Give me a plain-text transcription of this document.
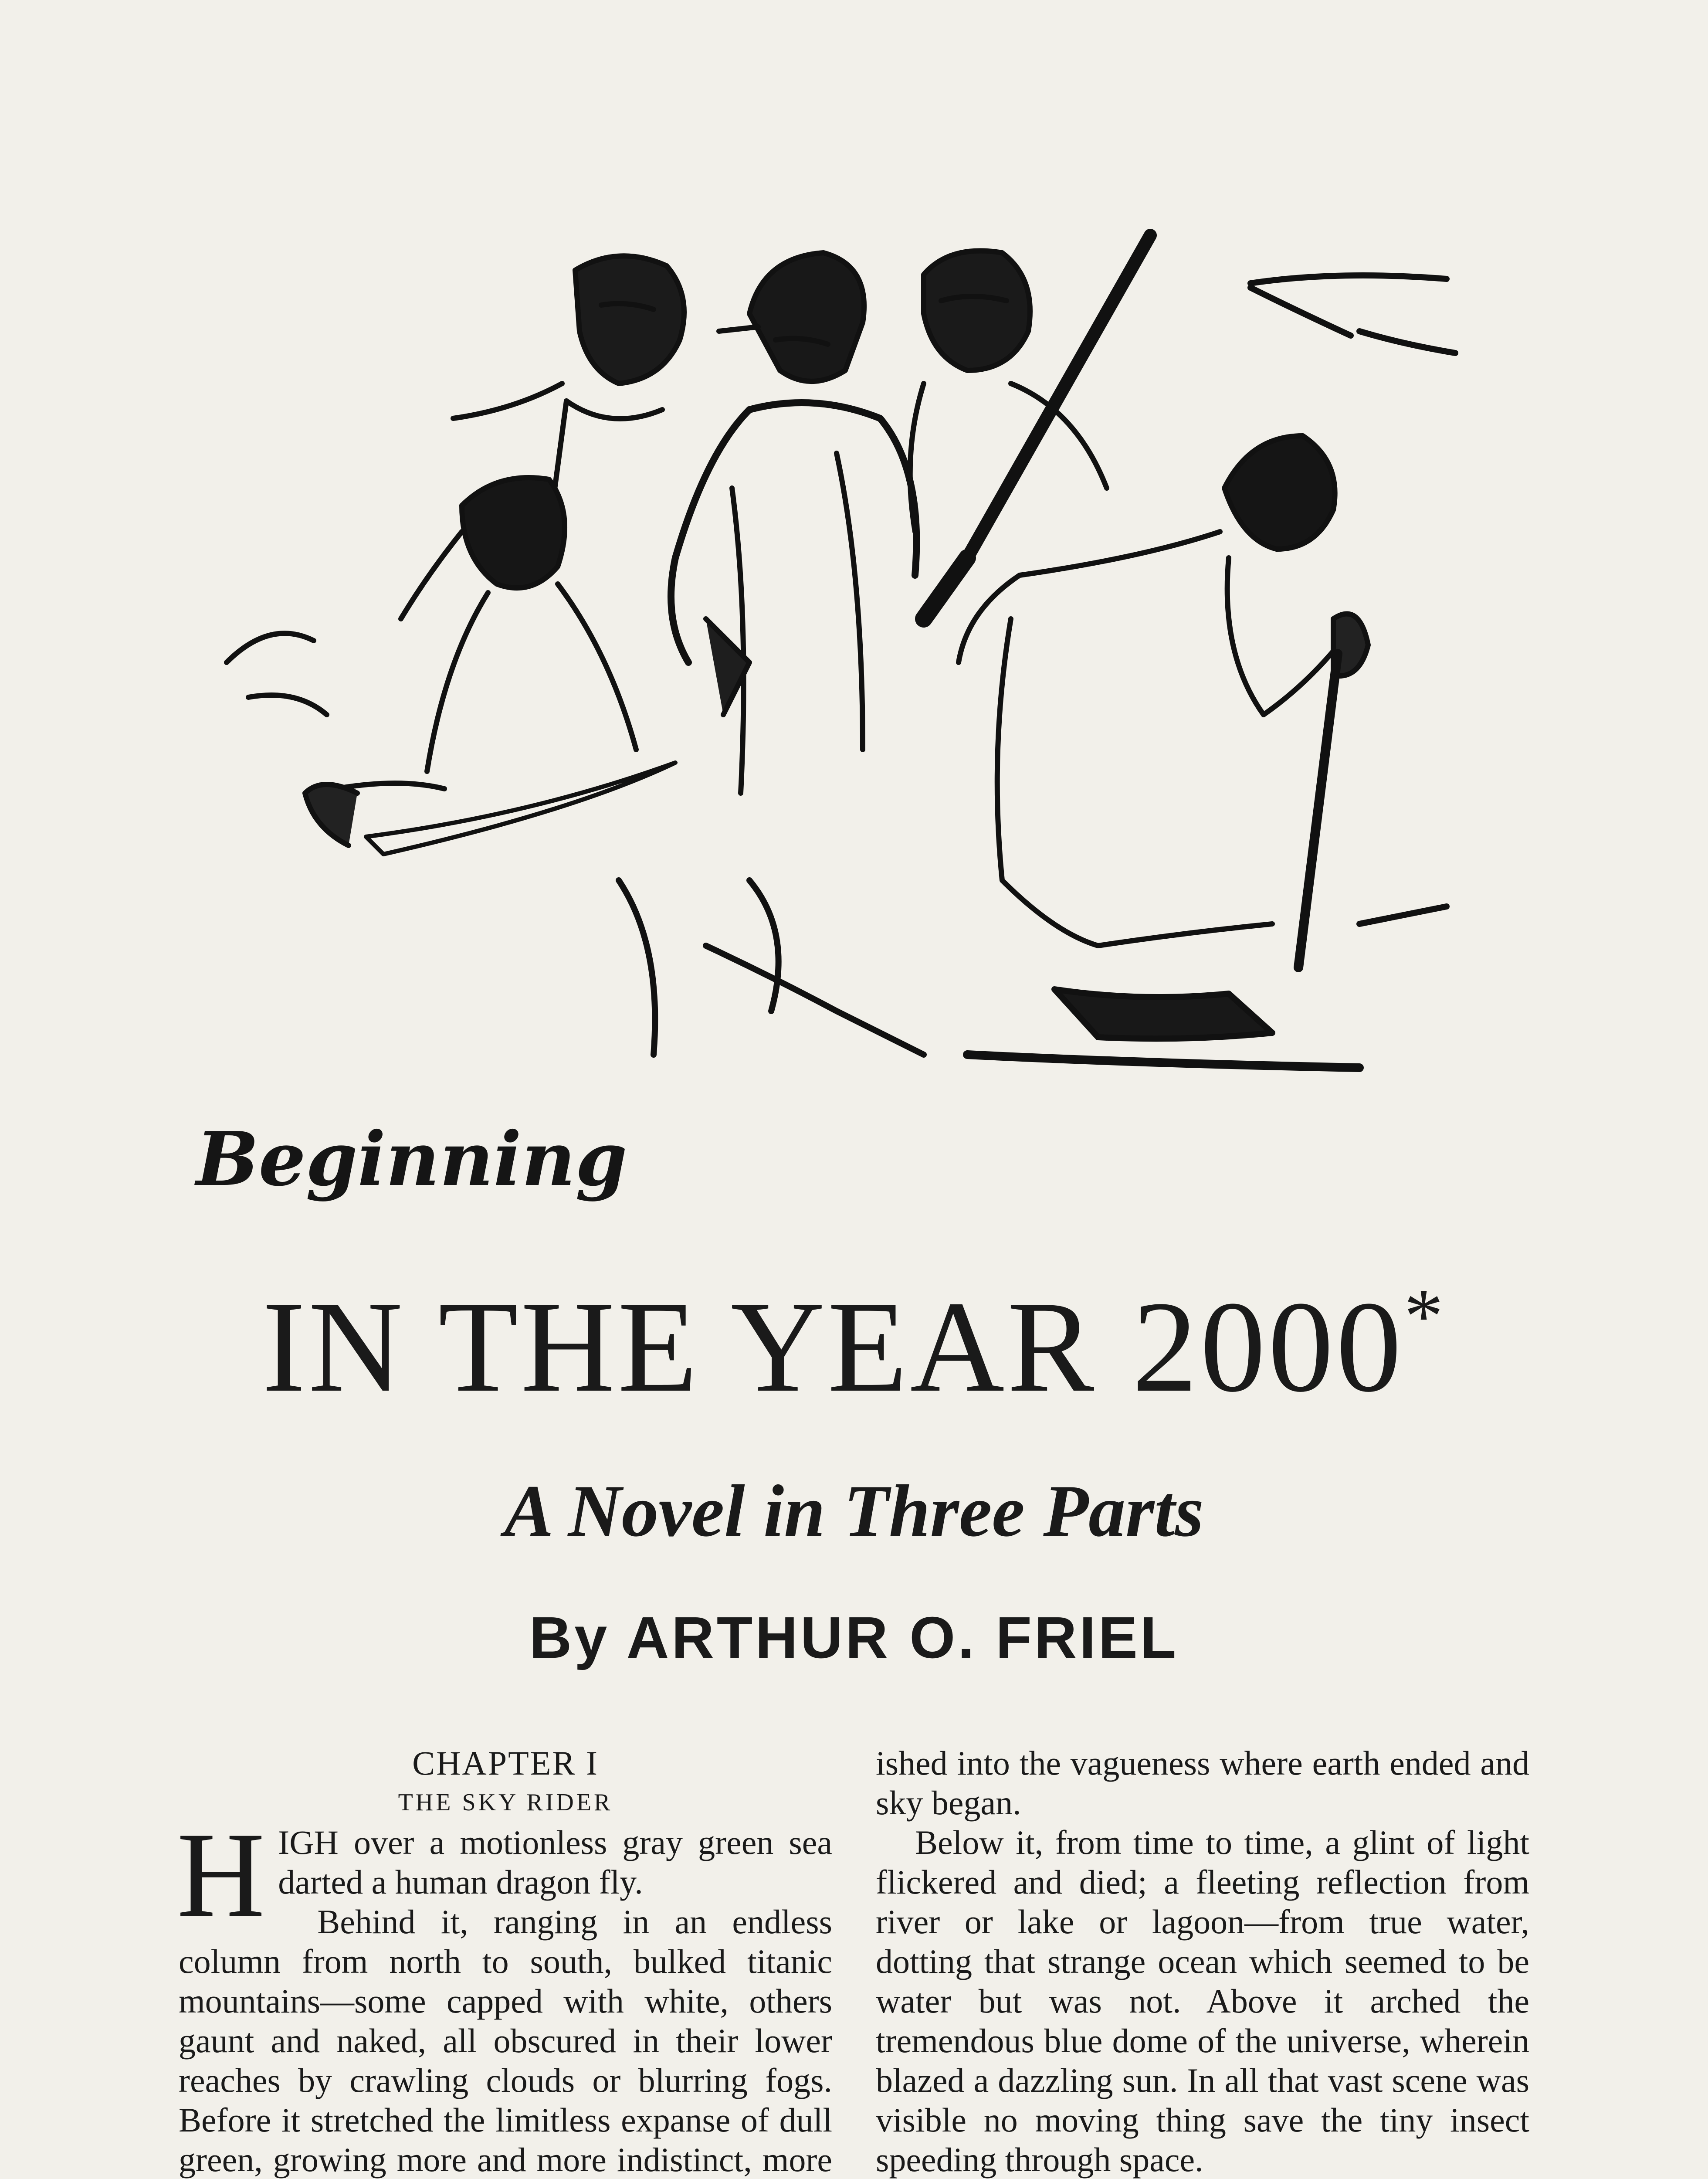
Beginning
IN THE YEAR 2000*
A Novel in Three Parts
By ARTHUR O. FRIEL

CHAPTER I

THE SKY RIDER

HIGH over a motionless gray green sea darted a human dragon fly.

Behind it, ranging in an endless column from north to south, bulked titanic mountains—some capped with white, others gaunt and naked, all obscured in their lower reaches by crawling clouds or blurring fogs. Before it stretched the limitless expanse of dull green, growing more and more indistinct, more

ished into the vagueness where earth ended and sky began.

Below it, from time to time, a glint of light flickered and died; a fleeting reflection from river or lake or lagoon—from true water, dotting that strange ocean which seemed to be water but was not. Above it arched the tremendous blue dome of the universe, wherein blazed a dazzling sun. In all that vast scene was visible no moving thing save the tiny insect speeding through space.
